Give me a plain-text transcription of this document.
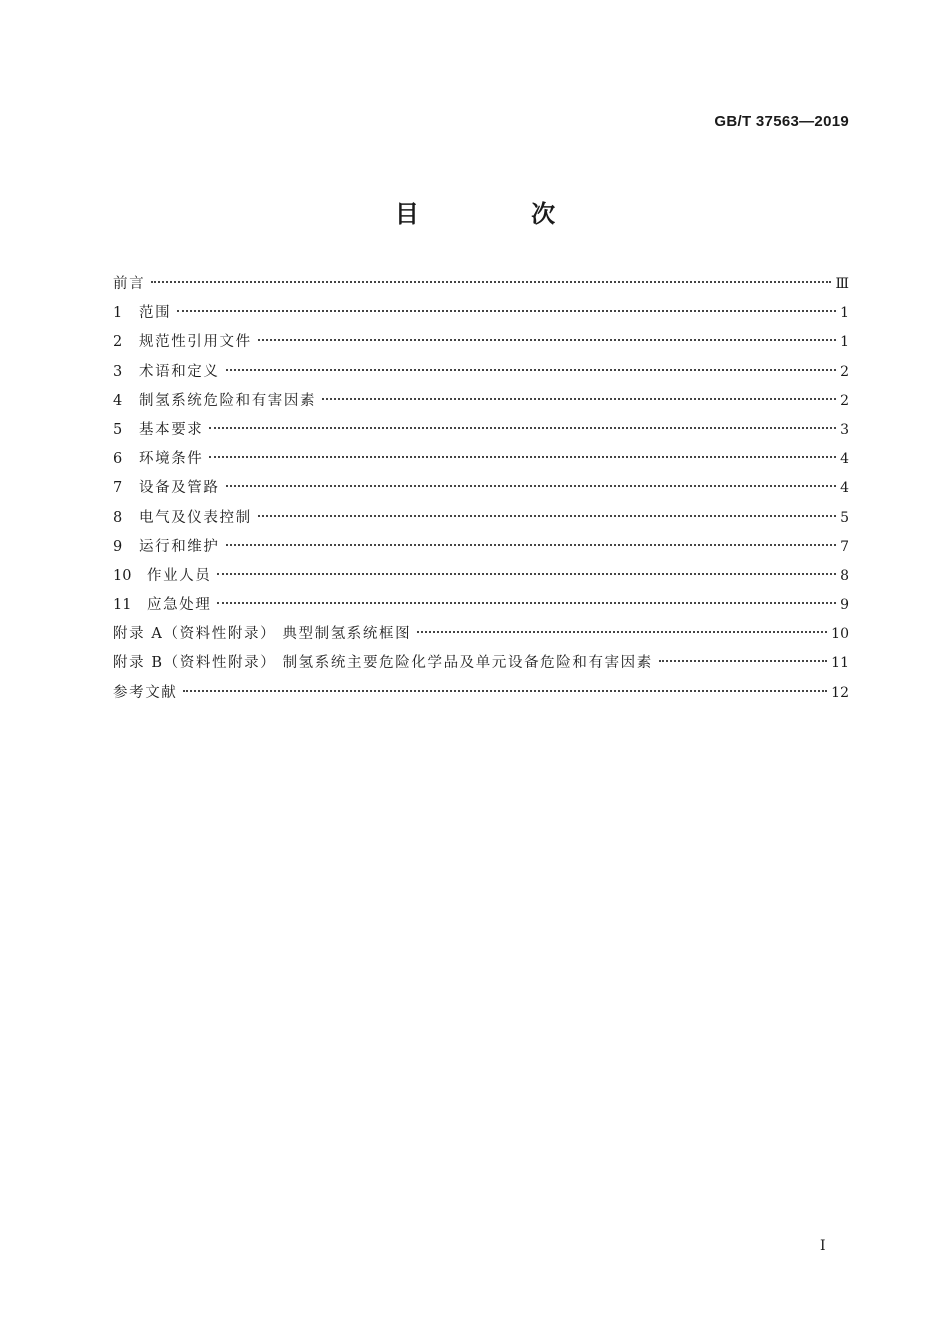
GB/T 37563—2019
目 次
前言	Ⅲ
1	范围	1
2	规范性引用文件	1
3	术语和定义	2
4	制氢系统危险和有害因素	2
5	基本要求	3
6	环境条件	4
7	设备及管路	4
8	电气及仪表控制	5
9	运行和维护	7
10	作业人员	8
11	应急处理	9
附录 A（资料性附录） 典型制氢系统框图	10
附录 B（资料性附录） 制氢系统主要危险化学品及单元设备危险和有害因素	11
参考文献	12
Ⅰ
